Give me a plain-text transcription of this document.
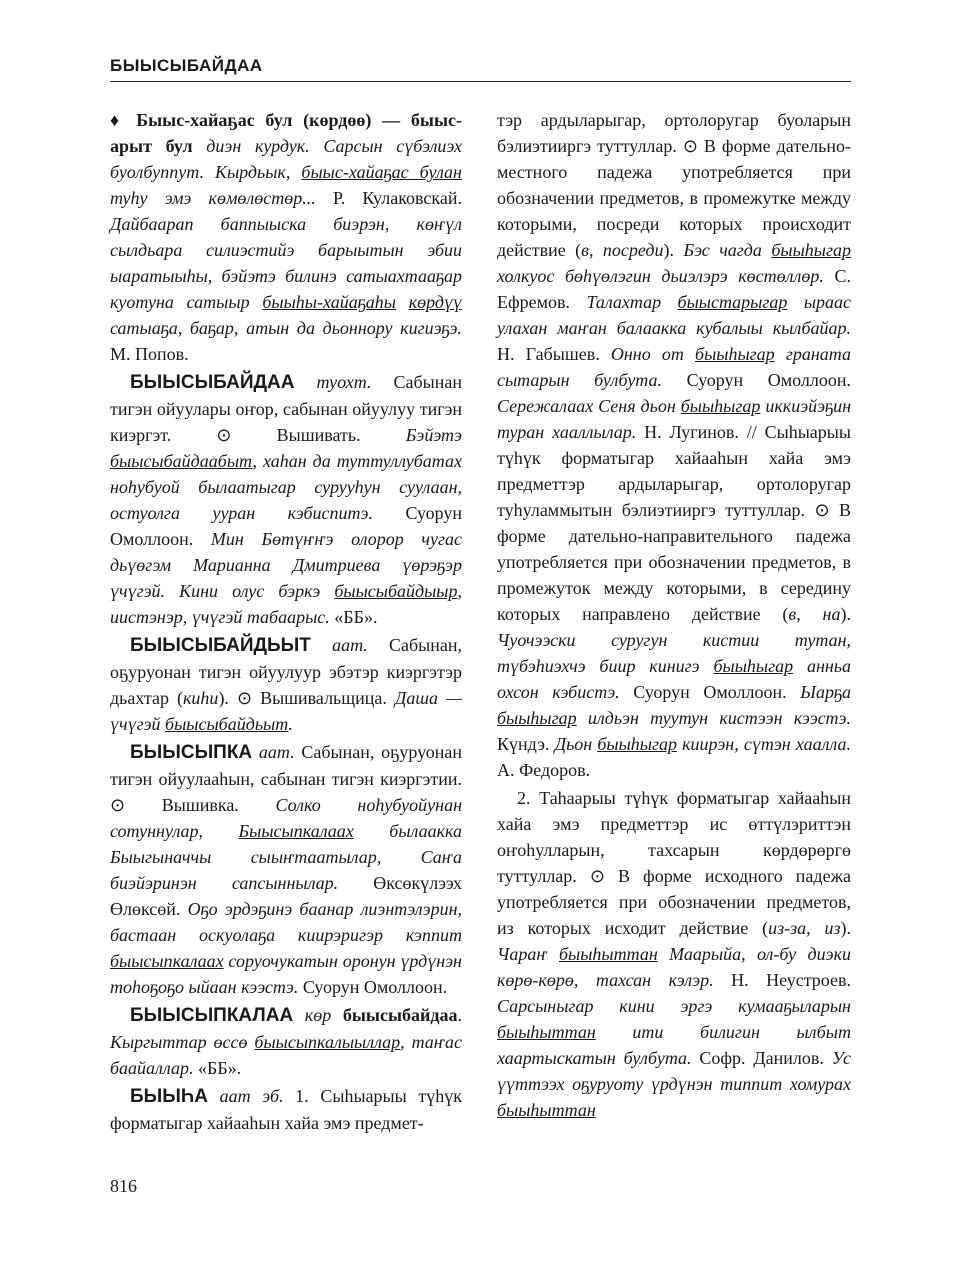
БЫЫСЫБАЙДАА

♦ Быыс-хайаҕас бул (көрдөө) — быыс-арыт бул диэн курдук. Сарсын сүбэлиэх буолбуппут. Кырдьык, быыс-хайаҕас булан туһу эмэ көмөлөстөр... Р. Кулаковскай. Дайбаарап баппыыска биэрэн, көҥүл сылдьара силиэстийэ барыытын эбии ыаратыыһы, бэйэтэ билинэ сатыахтааҕар куотуна сатыыр быыһы-хайаҕаһы көрдүү сатыаҕа, баҕар, атын да дьоннору кигиэҕэ. М. Попов.

БЫЫСЫБАЙДАА туохт. Сабынан тигэн ойуулары оҥор, сабынан ойуулуу тигэн киэргэт. ⊙ Вышивать. Бэйэтэ быысыбайдаабыт, хаһан да туттуллубатах ноһубуой былаатыгар сурууһун суулаан, остуолга ууран кэбиспитэ. Суорун Омоллоон. Мин Бөтүҥҥэ олорор чугас дьүөгэм Марианна Дмитриева үөрэҕэр үчүгэй. Кини олус бэркэ быысыбайдыыр, иистэнэр, үчүгэй табаарыс. «ББ».

БЫЫСЫБАЙДЬЫТ аат. Сабынан, оҕуруонан тигэн ойуулуур эбэтэр киэргэтэр дьахтар (киһи). ⊙ Вышивальщица. Даша — үчүгэй быысыбайдьыт.

БЫЫСЫПКА аат. Сабынан, оҕуруонан тигэн ойуулааһын, сабынан тигэн киэргэтии. ⊙ Вышивка. Солко ноһубуойунан сотуннулар, Быысыпкалаах былаакка Быыгыначчы сыыҥтаатылар, Саҥа биэйэринэн сапсыннылар. Өксөкүлээх Өлөксөй. Оҕо эрдэҕинэ баанар лиэнтэлэрин, бастаан оскуолаҕа киирэригэр кэппит быысыпкалаах соруочукатын оронун үрдүнэн тоһоҕоҕо ыйаан кээстэ. Суорун Омоллоон.

БЫЫСЫПКАЛАА көр быысыбайдаа. Кыргыттар өссө быысыпкалыыллар, таҥас баайаллар. «ББ».

БЫЫҺА аат эб. 1. Сыһыарыы түһүк форматыгар хайааһын хайа эмэ предмет-

тэр ардыларыгар, ортолоругар буоларын бэлиэтииргэ туттуллар. ⊙ В форме дательно-местного падежа употребляется при обозначении предметов, в промежутке между которыми, посреди которых происходит действие (в, посреди). Бэс чагда быыһыгар холкуос бөһүөлэгин дьиэлэрэ көстөллөр. С. Ефремов. Талахтар быыстарыгар ыраас улахан маҥан балаакка кубалыы кылбайар. Н. Габышев. Онно от быыһыгар граната сытарын булбута. Суорун Омоллоон. Сережалаах Сеня дьон быыһыгар иккиэйэҕин туран хааллылар. Н. Лугинов. // Сыһыарыы түһүк форматыгар хайааһын хайа эмэ предметтэр ардыларыгар, ортолоругар туһуламмытын бэлиэтииргэ туттуллар. ⊙ В форме дательно-направительного падежа употребляется при обозначении предметов, в промежуток между которыми, в середину которых направлено действие (в, на). Чуочээски суругун кистии тутан, түбэһиэхчэ биир кинигэ быыһыгар анньа охсон кэбистэ. Суорун Омоллоон. Ыарҕа быыһыгар илдьэн туутун кистээн кээстэ. Күндэ. Дьон быыһыгар киирэн, сүтэн хаалла. А. Федоров.

2. Таһаарыы түһүк форматыгар хайааһын хайа эмэ предметтэр ис өттүлэриттэн оҥоһулларын, тахсарын көрдөрөргө туттуллар. ⊙ В форме исходного падежа употребляется при обозначении предметов, из которых исходит действие (из-за, из). Чараҥ быыһыттан Маарыйа, ол-бу диэки көрө-көрө, тахсан кэлэр. Н. Неустроев. Сарсыныгар кини эргэ кумааҕыларын быыһыттан ити билигин ылбыт хаартыскатын булбута. Софр. Данилов. Ус үүттээх оҕуруоту үрдүнэн типпит хомурах быыһыттан

816
